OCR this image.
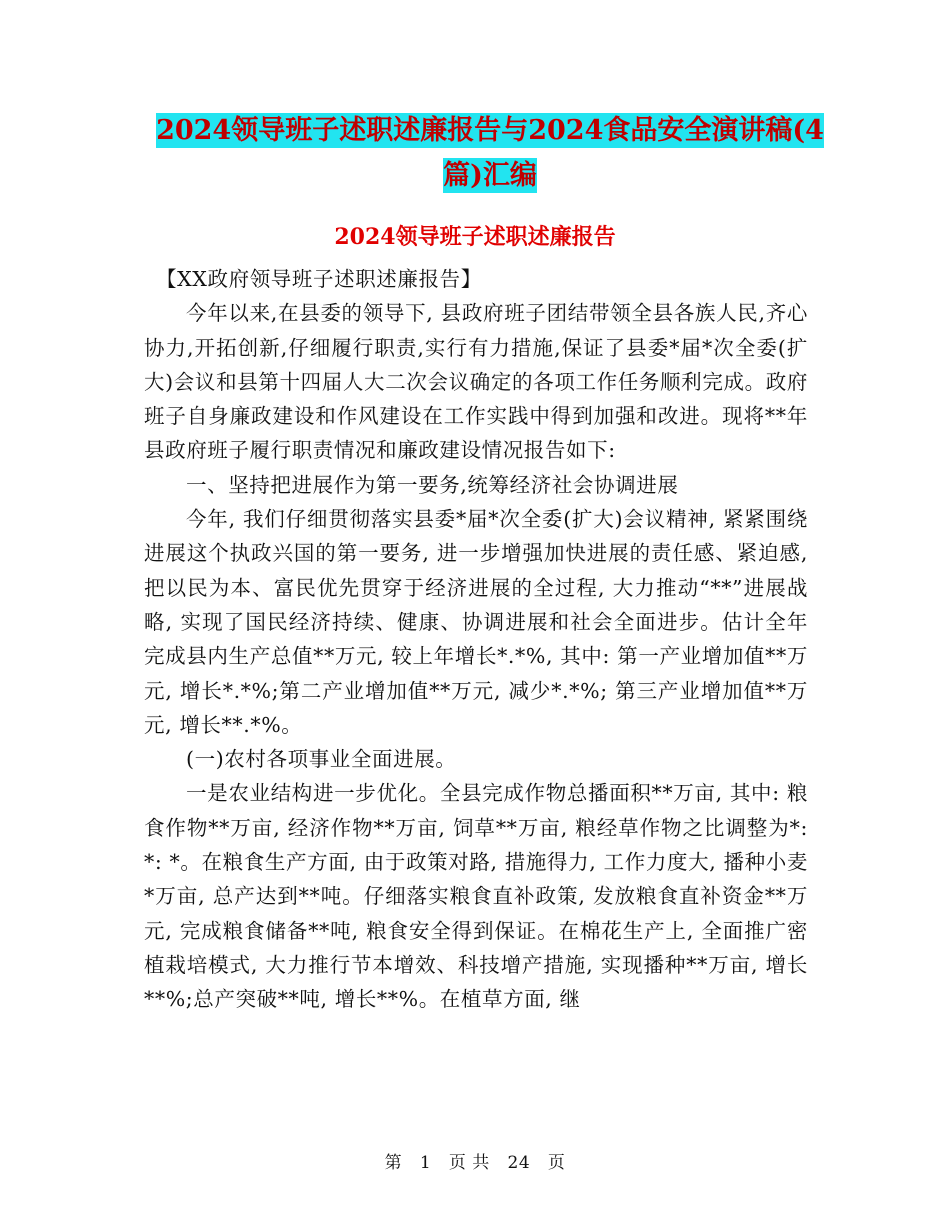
2024领导班子述职述廉报告与2024食品安全演讲稿(4
篇)汇编
2024领导班子述职述廉报告

【XX政府领导班子述职述廉报告】

今年以来,在县委的领导下, 县政府班子团结带领全县各族人民,齐心协力,开拓创新,仔细履行职责,实行有力措施,保证了县委*届*次全委(扩大)会议和县第十四届人大二次会议确定的各项工作任务顺利完成。政府班子自身廉政建设和作风建设在工作实践中得到加强和改进。现将**年县政府班子履行职责情况和廉政建设情况报告如下:

一、坚持把进展作为第一要务,统筹经济社会协调进展

今年, 我们仔细贯彻落实县委*届*次全委(扩大)会议精神, 紧紧围绕进展这个执政兴国的第一要务, 进一步增强加快进展的责任感、紧迫感, 把以民为本、富民优先贯穿于经济进展的全过程, 大力推动“**”进展战略, 实现了国民经济持续、健康、协调进展和社会全面进步。估计全年完成县内生产总值**万元, 较上年增长*.*%, 其中: 第一产业增加值**万元, 增长*.*%;第二产业增加值**万元, 减少*.*%; 第三产业增加值**万元, 增长**.*%。

(一)农村各项事业全面进展。

一是农业结构进一步优化。全县完成作物总播面积**万亩, 其中: 粮食作物**万亩, 经济作物**万亩, 饲草**万亩, 粮经草作物之比调整为*: *: *。在粮食生产方面, 由于政策对路, 措施得力, 工作力度大, 播种小麦*万亩, 总产达到**吨。仔细落实粮食直补政策, 发放粮食直补资金**万元, 完成粮食储备**吨, 粮食安全得到保证。在棉花生产上, 全面推广密植栽培模式, 大力推行节本增效、科技增产措施, 实现播种**万亩, 增长**%;总产突破**吨, 增长**%。在植草方面, 继

第 1 页 共 24 页
